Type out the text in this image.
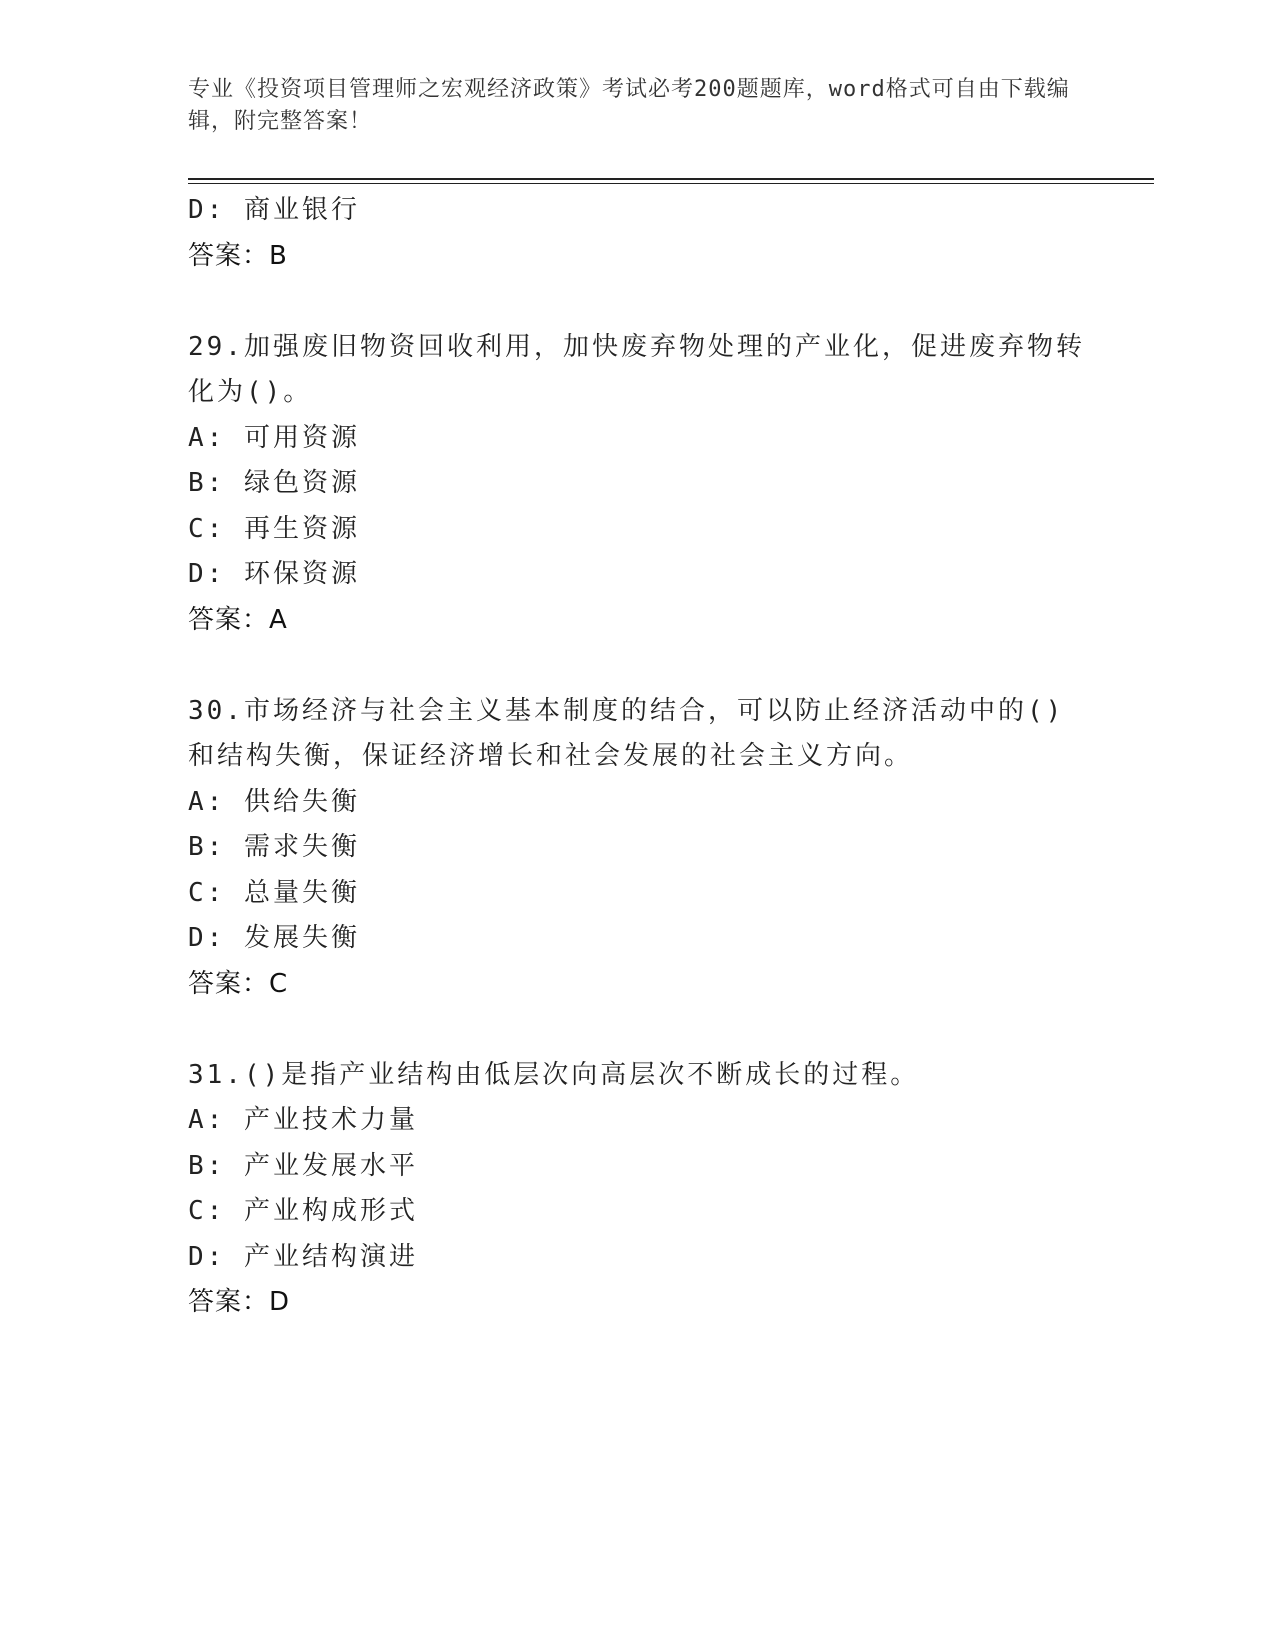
专业《投资项目管理师之宏观经济政策》考试必考200题题库，word格式可自由下载编辑，附完整答案！
D: 商业银行
答案：B
29.加强废旧物资回收利用，加快废弃物处理的产业化，促进废弃物转化为()。
A: 可用资源
B: 绿色资源
C: 再生资源
D: 环保资源
答案：A
30.市场经济与社会主义基本制度的结合，可以防止经济活动中的()和结构失衡，保证经济增长和社会发展的社会主义方向。
A: 供给失衡
B: 需求失衡
C: 总量失衡
D: 发展失衡
答案：C
31.()是指产业结构由低层次向高层次不断成长的过程。
A: 产业技术力量
B: 产业发展水平
C: 产业构成形式
D: 产业结构演进
答案：D
